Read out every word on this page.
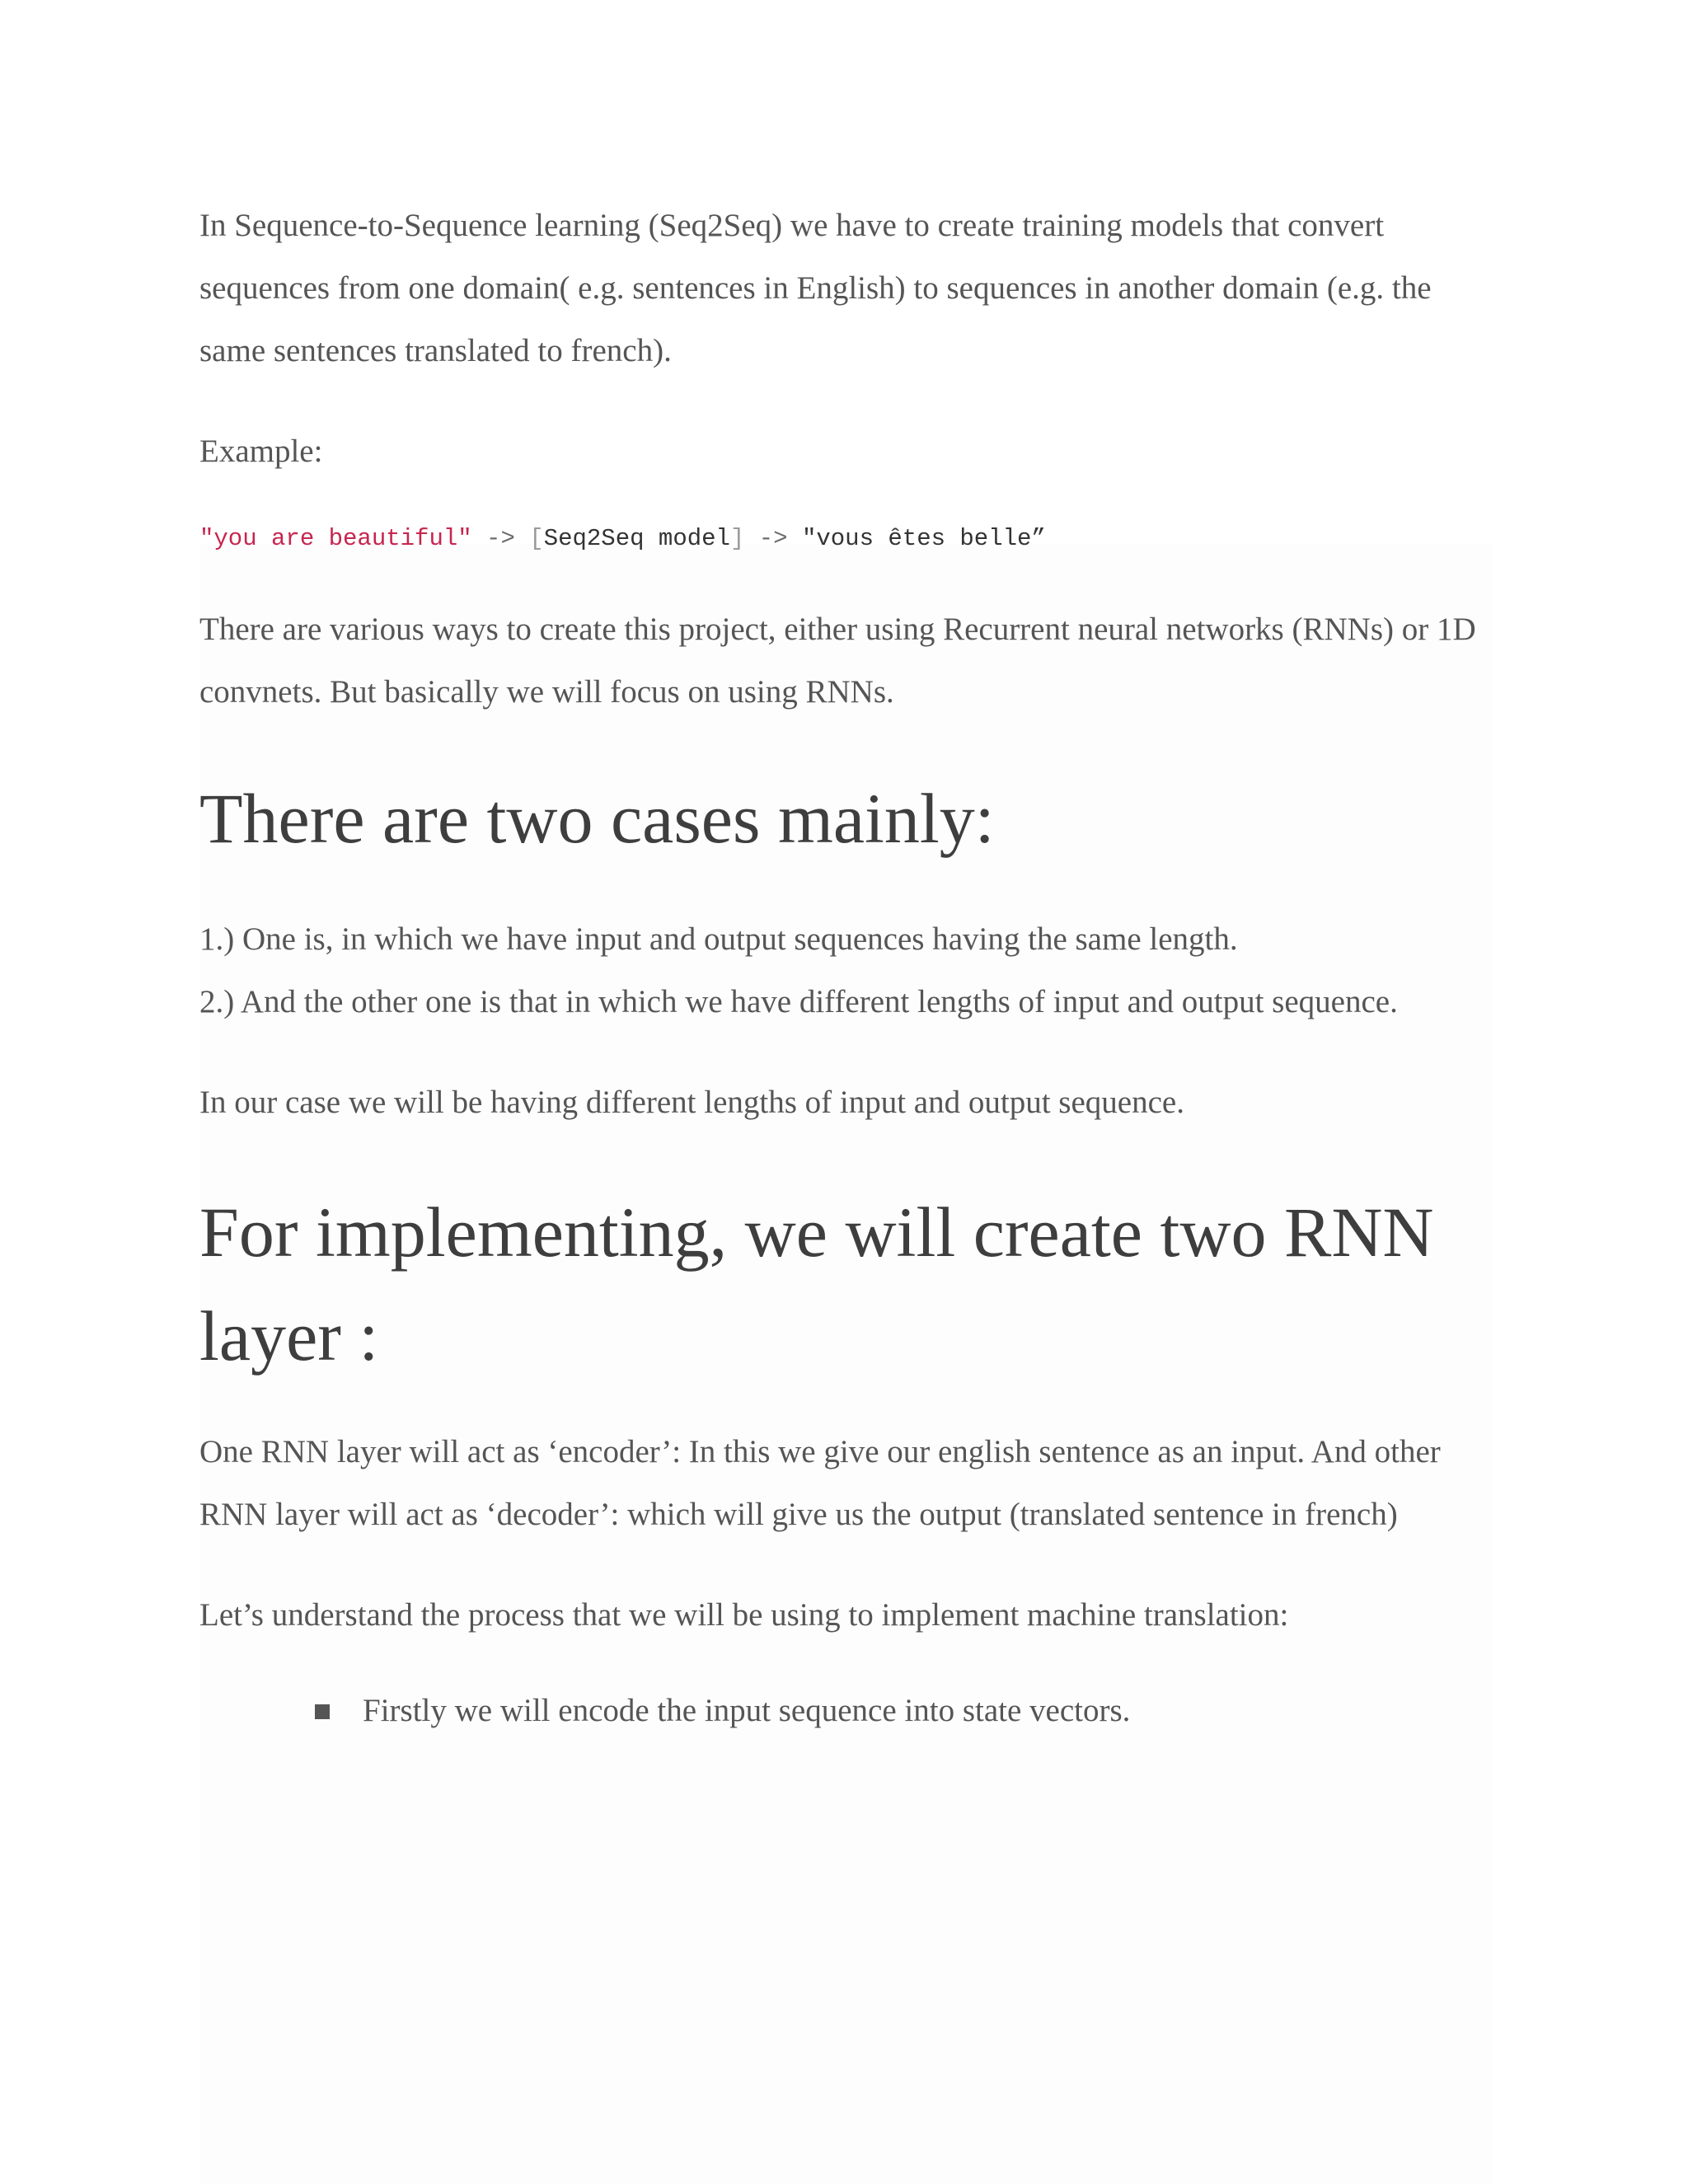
In Sequence-to-Sequence learning (Seq2Seq) we have to create training models that convert sequences from one domain( e.g. sentences in English) to sequences in another domain (e.g. the same sentences translated to french).

Example:

"you are beautiful" -> [Seq2Seq model] -> "vous êtes belle”

There are various ways to create this project, either using Recurrent neural networks (RNNs) or 1D convnets. But basically we will focus on using RNNs.

There are two cases mainly:

1.) One is, in which we have input and output sequences having the same length.

2.) And the other one is that in which we have different lengths of input and output sequence.

In our case we will be having different lengths of input and output sequence.

For implementing, we will create two RNN layer :

One RNN layer will act as ‘encoder’: In this we give our english sentence as an input. And other RNN layer will act as ‘decoder’: which will give us the output (translated sentence in french)

Let’s understand the process that we will be using to implement machine translation:

Firstly we will encode the input sequence into state vectors.
